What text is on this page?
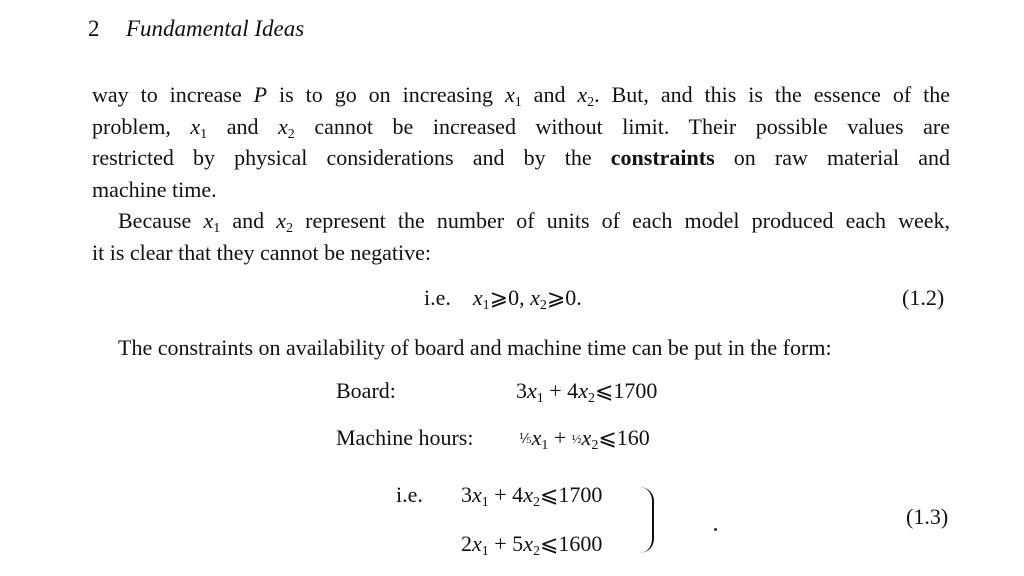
2 Fundamental Ideas
way to increase P is to go on increasing $x_1$ and $x_2$. But, and this is the essence of the
problem, $x_1$ and $x_2$ cannot be increased without limit. Their possible values are
restricted by physical considerations and by the constraints on raw material and
machine time.
Because $x_1$ and $x_2$ represent the number of units of each model produced each week,
it is clear that they cannot be negative:
i.e. $x_1⩾0$, $x_2⩾0$.	(1.2)
The constraints on availability of board and machine time can be put in the form:
Board:	$3x_1$ + $4x_2⩽1700$
Machine hours:	$\frac{1}{5}x_1$ + $\frac{1}{2}x_2⩽160$
i.e. $3x_1$ + $4x_2⩽1700$
$2x_1$ + $5x_2⩽1600$
(1.3)
